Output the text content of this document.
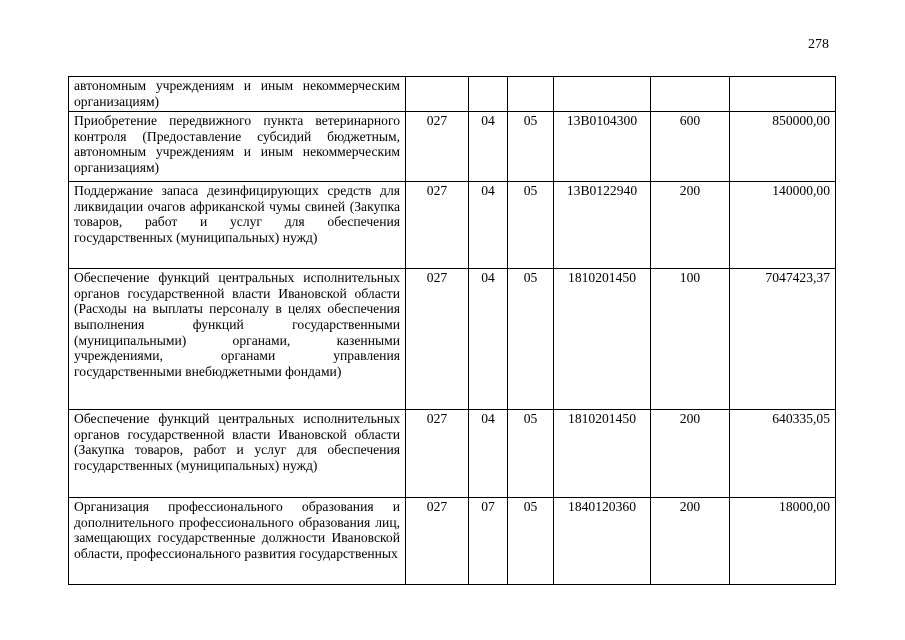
278
автономным учреждениям и иным некоммерческим организациям)						
Приобретение передвижного пункта ветеринарного контроля (Предоставление субсидий бюджетным, автономным учреждениям и иным некоммерческим организациям)	027	04	05	13В0104300	600	850000,00
Поддержание запаса дезинфицирующих средств для ликвидации очагов африканской чумы свиней (Закупка товаров, работ и услуг для обеспечения государственных (муниципальных) нужд)	027	04	05	13В0122940	200	140000,00
Обеспечение функций центральных исполнительных органов государственной власти Ивановской области (Расходы на выплаты персоналу в целях обеспечения выполнения функций государственными (муниципальными) органами, казенными учреждениями, органами управления государственными внебюджетными фондами)	027	04	05	1810201450	100	7047423,37
Обеспечение функций центральных исполнительных органов государственной власти Ивановской области (Закупка товаров, работ и услуг для обеспечения государственных (муниципальных) нужд)	027	04	05	1810201450	200	640335,05
Организация профессионального образования и дополнительного профессионального образования лиц, замещающих государственные должности Ивановской области, профессионального развития государственных	027	07	05	1840120360	200	18000,00
